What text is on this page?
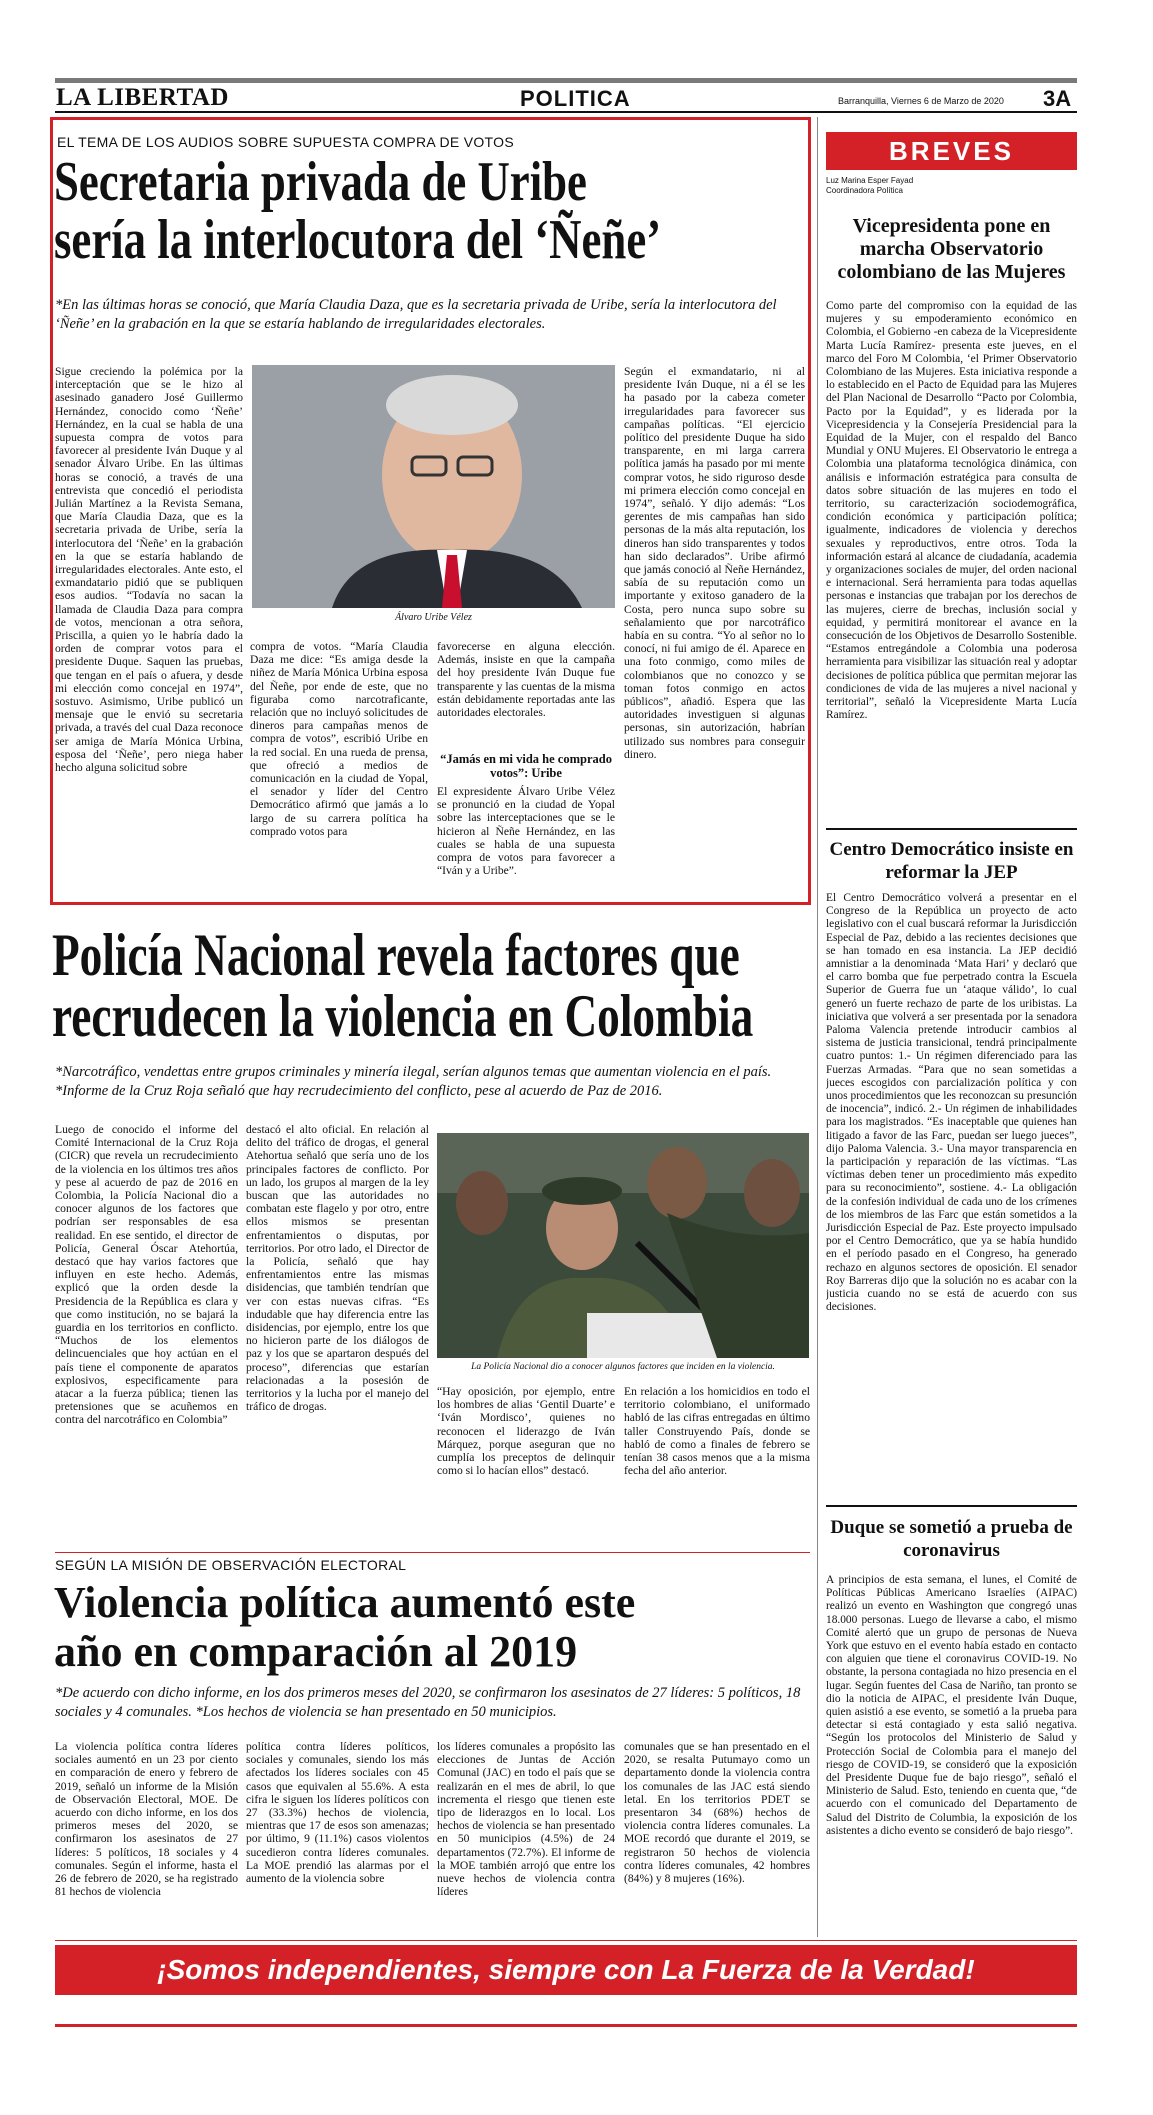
LA LIBERTAD	POLITICA	Barranquilla, Viernes 6 de Marzo de 2020 3A
EL TEMA DE LOS AUDIOS SOBRE SUPUESTA COMPRA DE VOTOS
Secretaria privada de Uribe
sería la interlocutora del ‘Ñeñe’
*En las últimas horas se conoció, que María Claudia Daza, que es la secretaria privada de Uribe, sería la interlocutora del ‘Ñeñe’ en la grabación en la que se estaría hablando de irregularidades electorales.
Álvaro Uribe Vélez
Sigue creciendo la polémica por la interceptación que se le hizo al asesinado ganadero José Guillermo Hernández, conocido como ‘Ñeñe’ Hernández, en la cual se habla de una supuesta compra de votos para favorecer al presidente Iván Duque y al senador Álvaro Uribe. En las últimas horas se conoció, a través de una entrevista que concedió el periodista Julián Martínez a la Revista Semana, que María Claudia Daza, que es la secretaria privada de Uribe, sería la interlocutora del ‘Ñeñe’ en la grabación en la que se estaría hablando de irregularidades electorales. Ante esto, el exmandatario pidió que se publiquen esos audios. “Todavía no sacan la llamada de Claudia Daza para compra de votos, mencionan a otra señora, Priscilla, a quien yo le habría dado la orden de comprar votos para el presidente Duque. Saquen las pruebas, que tengan en el país o afuera, y desde mi elección como concejal en 1974”, sostuvo. Asimismo, Uribe publicó un mensaje que le envió su secretaria privada, a través del cual Daza reconoce ser amiga de María Mónica Urbina, esposa del ‘Ñeñe’, pero niega haber hecho alguna solicitud sobre
compra de votos. “María Claudia Daza me dice: “Es amiga desde la niñez de María Mónica Urbina esposa del Ñeñe, por ende de este, que no figuraba como narcotraficante, relación que no incluyó solicitudes de dineros para campañas menos de compra de votos”, escribió Uribe en la red social. En una rueda de prensa, que ofreció a medios de comunicación en la ciudad de Yopal, el senador y líder del Centro Democrático afirmó que jamás a lo largo de su carrera política ha comprado votos para
favorecerse en alguna elección. Además, insiste en que la campaña del hoy presidente Iván Duque fue transparente y las cuentas de la misma están debidamente reportadas ante las autoridades electorales.
“Jamás en mi vida he comprado votos”: Uribe
El expresidente Álvaro Uribe Vélez se pronunció en la ciudad de Yopal sobre las interceptaciones que se le hicieron al Ñeñe Hernández, en las cuales se habla de una supuesta compra de votos para favorecer a “Iván y a Uribe”.
Según el exmandatario, ni al presidente Iván Duque, ni a él se les ha pasado por la cabeza cometer irregularidades para favorecer sus campañas políticas. “El ejercicio político del presidente Duque ha sido transparente, en mi larga carrera política jamás ha pasado por mi mente comprar votos, he sido riguroso desde mi primera elección como concejal en 1974”, señaló. Y dijo además: “Los gerentes de mis campañas han sido personas de la más alta reputación, los dineros han sido transparentes y todos han sido declarados”. Uribe afirmó que jamás conoció al Ñeñe Hernández, sabía de su reputación como un importante y exitoso ganadero de la Costa, pero nunca supo sobre su señalamiento que por narcotráfico había en su contra. “Yo al señor no lo conocí, ni fui amigo de él. Aparece en una foto conmigo, como miles de colombianos que no conozco y se toman fotos conmigo en actos públicos”, añadió. Espera que las autoridades investiguen si algunas personas, sin autorización, habrían utilizado sus nombres para conseguir dinero.
Policía Nacional revela factores que
recrudecen la violencia en Colombia
*Narcotráfico, vendettas entre grupos criminales y minería ilegal, serían algunos temas que aumentan violencia en el país. *Informe de la Cruz Roja señaló que hay recrudecimiento del conflicto, pese al acuerdo de Paz de 2016.
La Policía Nacional dio a conocer algunos factores que inciden en la violencia.
Luego de conocido el informe del Comité Internacional de la Cruz Roja (CICR) que revela un recrudecimiento de la violencia en los últimos tres años y pese al acuerdo de paz de 2016 en Colombia, la Policía Nacional dio a conocer algunos de los factores que podrían ser responsables de esa realidad. En ese sentido, el director de Policía, General Óscar Atehortúa, destacó que hay varios factores que influyen en este hecho. Además, explicó que la orden desde la Presidencia de la República es clara y que como institución, no se bajará la guardia en los territorios en conflicto. “Muchos de los elementos delincuenciales que hoy actúan en el país tiene el componente de aparatos explosivos, especificamente para atacar a la fuerza pública; tienen las pretensiones que se acuñemos en contra del narcotráfico en Colombia”
destacó el alto oficial. En relación al delito del tráfico de drogas, el general Atehortua señaló que sería uno de los principales factores de conflicto. Por un lado, los grupos al margen de la ley buscan que las autoridades no combatan este flagelo y por otro, entre ellos mismos se presentan enfrentamientos o disputas, por territorios. Por otro lado, el Director de la Policía, señaló que hay enfrentamientos entre las mismas disidencias, que también tendrían que ver con estas nuevas cifras. “Es indudable que hay diferencia entre las disidencias, por ejemplo, entre los que no hicieron parte de los diálogos de paz y los que se apartaron después del proceso”, diferencias que estarían relacionadas a la posesión de territorios y la lucha por el manejo del tráfico de drogas.
“Hay oposición, por ejemplo, entre los hombres de alias ‘Gentil Duarte’ e ‘Iván Mordisco’, quienes no reconocen el liderazgo de Iván Márquez, porque aseguran que no cumplía los preceptos de delinquir como si lo hacían ellos” destacó.
En relación a los homicidios en todo el territorio colombiano, el uniformado habló de las cifras entregadas en último taller Construyendo País, donde se habló de como a finales de febrero se tenían 38 casos menos que a la misma fecha del año anterior.
SEGÚN LA MISIÓN DE OBSERVACIÓN ELECTORAL
Violencia política aumentó este
año en comparación al 2019
*De acuerdo con dicho informe, en los dos primeros meses del 2020, se confirmaron los asesinatos de 27 líderes: 5 políticos, 18 sociales y 4 comunales. *Los hechos de violencia se han presentado en 50 municipios.
La violencia política contra líderes sociales aumentó en un 23 por ciento en comparación de enero y febrero de 2019, señaló un informe de la Misión de Observación Electoral, MOE. De acuerdo con dicho informe, en los dos primeros meses del 2020, se confirmaron los asesinatos de 27 líderes: 5 políticos, 18 sociales y 4 comunales. Según el informe, hasta el 26 de febrero de 2020, se ha registrado 81 hechos de violencia
política contra líderes políticos, sociales y comunales, siendo los más afectados los líderes sociales con 45 casos que equivalen al 55.6%. A esta cifra le siguen los líderes políticos con 27 (33.3%) hechos de violencia, mientras que 17 de esos son amenazas; por último, 9 (11.1%) casos violentos sucedieron contra líderes comunales. La MOE prendió las alarmas por el aumento de la violencia sobre
los líderes comunales a propósito las elecciones de Juntas de Acción Comunal (JAC) en todo el país que se realizarán en el mes de abril, lo que incrementa el riesgo que tienen este tipo de liderazgos en lo local. Los hechos de violencia se han presentado en 50 municipios (4.5%) de 24 departamentos (72.7%). El informe de la MOE también arrojó que entre los nueve hechos de violencia contra líderes
comunales que se han presentado en el 2020, se resalta Putumayo como un departamento donde la violencia contra los comunales de las JAC está siendo letal. En los territorios PDET se presentaron 34 (68%) hechos de violencia contra líderes comunales. La MOE recordó que durante el 2019, se registraron 50 hechos de violencia contra líderes comunales, 42 hombres (84%) y 8 mujeres (16%).
BREVES
Luz Marina Esper Fayad
Coordinadora Política
Vicepresidenta pone en marcha Observatorio colombiano de las Mujeres
Como parte del compromiso con la equidad de las mujeres y su empoderamiento económico en Colombia, el Gobierno -en cabeza de la Vicepresidente Marta Lucía Ramírez- presenta este jueves, en el marco del Foro M Colombia, ‘el Primer Observatorio Colombiano de las Mujeres. Esta iniciativa responde a lo establecido en el Pacto de Equidad para las Mujeres del Plan Nacional de Desarrollo “Pacto por Colombia, Pacto por la Equidad”, y es liderada por la Vicepresidencia y la Consejería Presidencial para la Equidad de la Mujer, con el respaldo del Banco Mundial y ONU Mujeres. El Observatorio le entrega a Colombia una plataforma tecnológica dinámica, con análisis e información estratégica para consulta de datos sobre situación de las mujeres en todo el territorio, su caracterización sociodemográfica, condición económica y participación política; igualmente, indicadores de violencia y derechos sexuales y reproductivos, entre otros. Toda la información estará al alcance de ciudadanía, academia y organizaciones sociales de mujer, del orden nacional e internacional. Será herramienta para todas aquellas personas e instancias que trabajan por los derechos de las mujeres, cierre de brechas, inclusión social y equidad, y permitirá monitorear el avance en la consecución de los Objetivos de Desarrollo Sostenible. “Estamos entregándole a Colombia una poderosa herramienta para visibilizar las situación real y adoptar decisiones de política pública que permitan mejorar las condiciones de vida de las mujeres a nivel nacional y territorial”, señaló la Vicepresidente Marta Lucía Ramírez.
Centro Democrático insiste en reformar la JEP
El Centro Democrático volverá a presentar en el Congreso de la República un proyecto de acto legislativo con el cual buscará reformar la Jurisdicción Especial de Paz, debido a las recientes decisiones que se han tomado en esa instancia. La JEP decidió amnistiar a la denominada ‘Mata Hari’ y declaró que el carro bomba que fue perpetrado contra la Escuela Superior de Guerra fue un ‘ataque válido’, lo cual generó un fuerte rechazo de parte de los uribistas. La iniciativa que volverá a ser presentada por la senadora Paloma Valencia pretende introducir cambios al sistema de justicia transicional, tendrá principalmente cuatro puntos: 1.- Un régimen diferenciado para las Fuerzas Armadas. “Para que no sean sometidas a jueces escogidos con parcialización política y con unos procedimientos que les reconozcan su presunción de inocencia”, indicó. 2.- Un régimen de inhabilidades para los magistrados. “Es inaceptable que quienes han litigado a favor de las Farc, puedan ser luego jueces”, dijo Paloma Valencia. 3.- Una mayor transparencia en la participación y reparación de las víctimas. “Las víctimas deben tener un procedimiento más expedito para su reconocimiento”, sostiene. 4.- La obligación de la confesión individual de cada uno de los crímenes de los miembros de las Farc que están sometidos a la Jurisdicción Especial de Paz. Este proyecto impulsado por el Centro Democrático, que ya se había hundido en el período pasado en el Congreso, ha generado rechazo en algunos sectores de oposición. El senador Roy Barreras dijo que la solución no es acabar con la justicia cuando no se está de acuerdo con sus decisiones.
Duque se sometió a prueba de coronavirus
A principios de esta semana, el lunes, el Comité de Políticas Públicas Americano Israelíes (AIPAC) realizó un evento en Washington que congregó unas 18.000 personas. Luego de llevarse a cabo, el mismo Comité alertó que un grupo de personas de Nueva York que estuvo en el evento había estado en contacto con alguien que tiene el coronavirus COVID-19. No obstante, la persona contagiada no hizo presencia en el lugar. Según fuentes del Casa de Nariño, tan pronto se dio la noticia de AIPAC, el presidente Iván Duque, quien asistió a ese evento, se sometió a la prueba para detectar si está contagiado y esta salió negativa. “Según los protocolos del Ministerio de Salud y Protección Social de Colombia para el manejo del riesgo de COVID-19, se consideró que la exposición del Presidente Duque fue de bajo riesgo”, señaló el Ministerio de Salud. Esto, teniendo en cuenta que, “de acuerdo con el comunicado del Departamento de Salud del Distrito de Columbia, la exposición de los asistentes a dicho evento se consideró de bajo riesgo”.
¡Somos independientes, siempre con La Fuerza de la Verdad!
